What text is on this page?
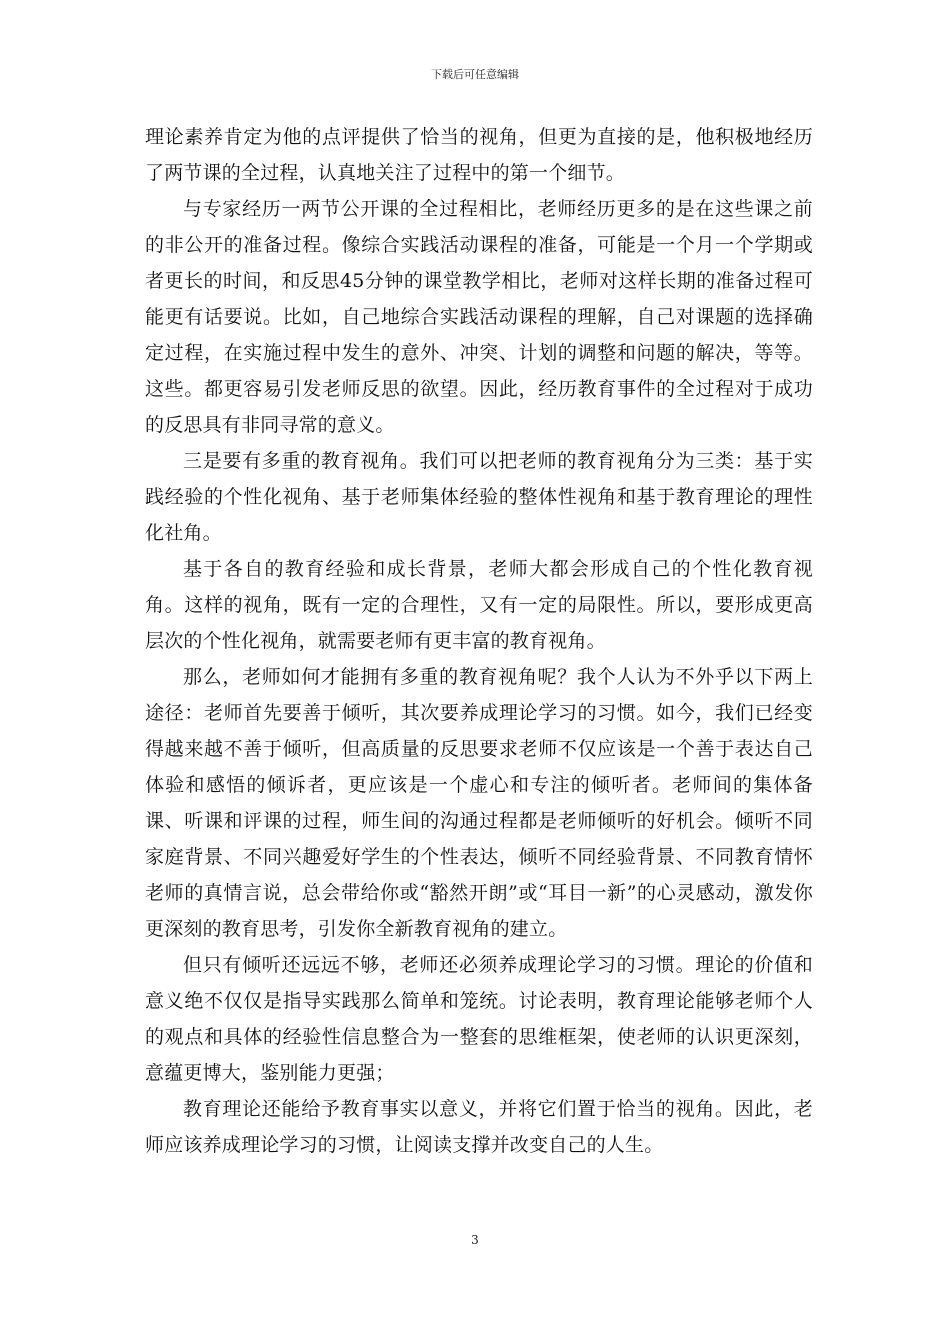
下载后可任意编辑

理论素养肯定为他的点评提供了恰当的视角，但更为直接的是，他积极地经历了两节课的全过程，认真地关注了过程中的第一个细节。

与专家经历一两节公开课的全过程相比，老师经历更多的是在这些课之前的非公开的准备过程。像综合实践活动课程的准备，可能是一个月一个学期或者更长的时间，和反思45分钟的课堂教学相比，老师对这样长期的准备过程可能更有话要说。比如，自己地综合实践活动课程的理解，自己对课题的选择确定过程，在实施过程中发生的意外、冲突、计划的调整和问题的解决，等等。这些。都更容易引发老师反思的欲望。因此，经历教育事件的全过程对于成功的反思具有非同寻常的意义。

三是要有多重的教育视角。我们可以把老师的教育视角分为三类：基于实践经验的个性化视角、基于老师集体经验的整体性视角和基于教育理论的理性化社角。

基于各自的教育经验和成长背景，老师大都会形成自己的个性化教育视角。这样的视角，既有一定的合理性，又有一定的局限性。所以，要形成更高层次的个性化视角，就需要老师有更丰富的教育视角。

那么，老师如何才能拥有多重的教育视角呢？我个人认为不外乎以下两上途径：老师首先要善于倾听，其次要养成理论学习的习惯。如今，我们已经变得越来越不善于倾听，但高质量的反思要求老师不仅应该是一个善于表达自己体验和感悟的倾诉者，更应该是一个虚心和专注的倾听者。老师间的集体备课、听课和评课的过程，师生间的沟通过程都是老师倾听的好机会。倾听不同家庭背景、不同兴趣爱好学生的个性表达，倾听不同经验背景、不同教育情怀老师的真情言说，总会带给你或“豁然开朗”或“耳目一新”的心灵感动，激发你更深刻的教育思考，引发你全新教育视角的建立。

但只有倾听还远远不够，老师还必须养成理论学习的习惯。理论的价值和意义绝不仅仅是指导实践那么简单和笼统。讨论表明，教育理论能够老师个人的观点和具体的经验性信息整合为一整套的思维框架，使老师的认识更深刻，意蕴更博大，鉴别能力更强；

教育理论还能给予教育事实以意义，并将它们置于恰当的视角。因此，老师应该养成理论学习的习惯，让阅读支撑并改变自己的人生。

3
